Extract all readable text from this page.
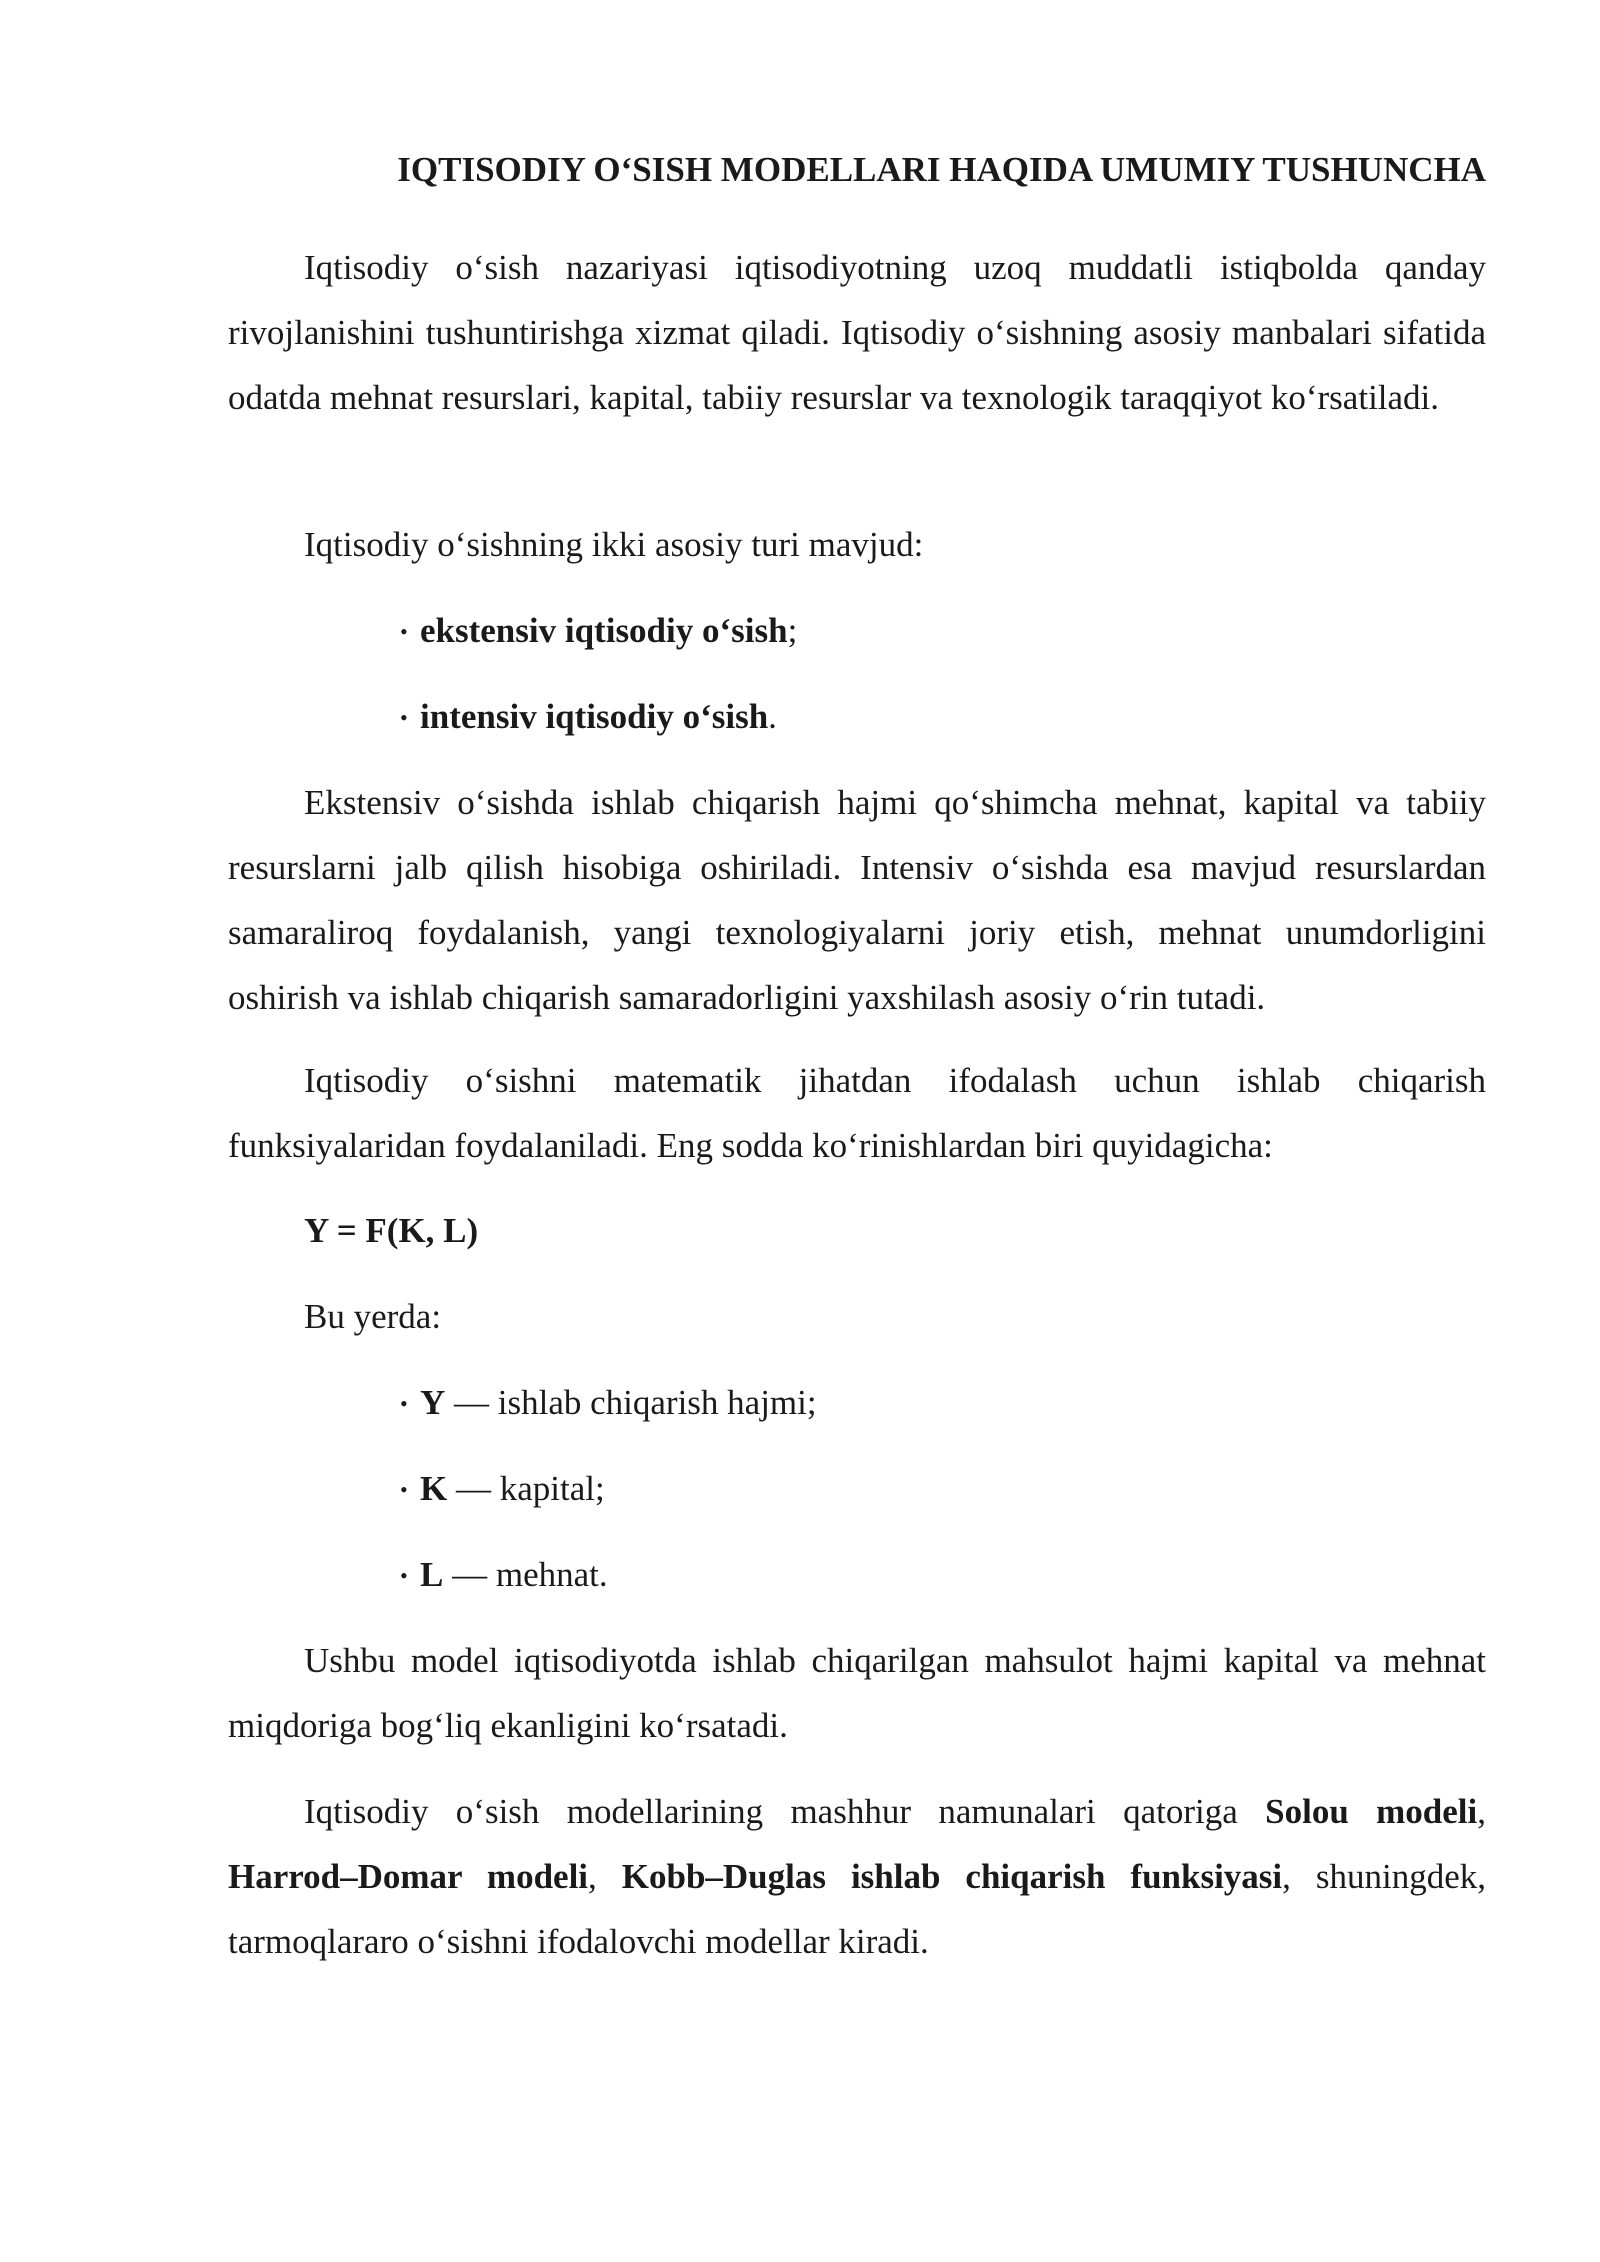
IQTISODIY O‘SISH MODELLARI HAQIDA UMUMIY TUSHUNCHA

Iqtisodiy o‘sish nazariyasi iqtisodiyotning uzoq muddatli istiqbolda qanday rivojlanishini tushuntirishga xizmat qiladi. Iqtisodiy o‘sishning asosiy manbalari sifatida odatda mehnat resurslari, kapital, tabiiy resurslar va texnologik taraqqiyot ko‘rsatiladi.

Iqtisodiy o‘sishning ikki asosiy turi mavjud:

• ekstensiv iqtisodiy o‘sish;
• intensiv iqtisodiy o‘sish.

Ekstensiv o‘sishda ishlab chiqarish hajmi qo‘shimcha mehnat, kapital va tabiiy resurslarni jalb qilish hisobiga oshiriladi. Intensiv o‘sishda esa mavjud resurslardan samaraliroq foydalanish, yangi texnologiyalarni joriy etish, mehnat unumdorligini oshirish va ishlab chiqarish samaradorligini yaxshilash asosiy o‘rin tutadi.

Iqtisodiy o‘sishni matematik jihatdan ifodalash uchun ishlab chiqarish funksiyalaridan foydalaniladi. Eng sodda ko‘rinishlardan biri quyidagicha:

Y = F(K, L)

Bu yerda:

• Y — ishlab chiqarish hajmi;
• K — kapital;
• L — mehnat.

Ushbu model iqtisodiyotda ishlab chiqarilgan mahsulot hajmi kapital va mehnat miqdoriga bog‘liq ekanligini ko‘rsatadi.

Iqtisodiy o‘sish modellarining mashhur namunalari qatoriga Solou modeli, Harrod–Domar modeli, Kobb–Duglas ishlab chiqarish funksiyasi, shuningdek, tarmoqlararo o‘sishni ifodalovchi modellar kiradi.
